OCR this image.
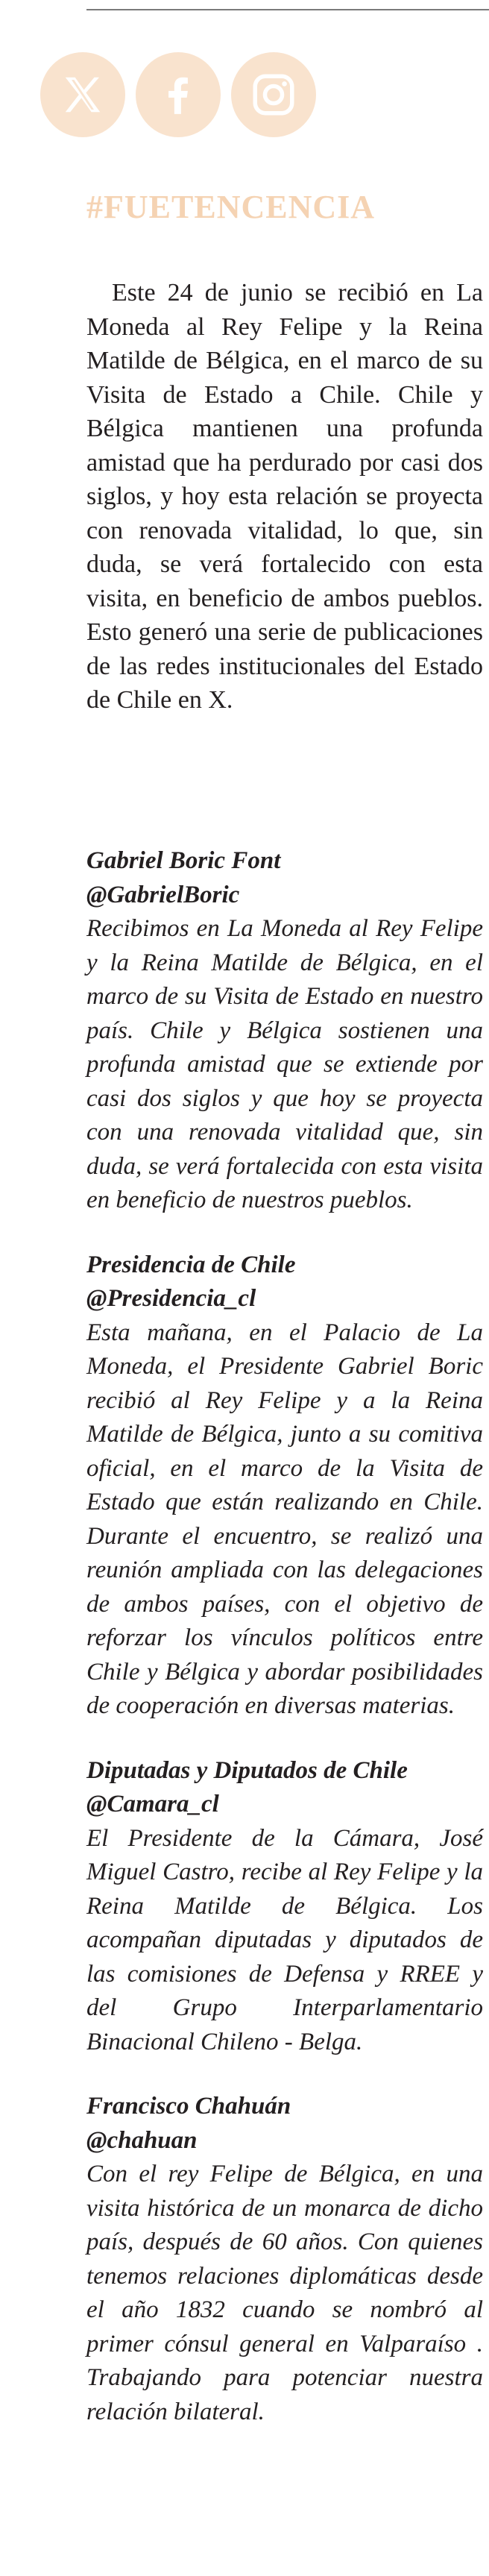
#FUETENCENCIA

Este 24 de junio se recibió en La Moneda al Rey Felipe y la Reina Matilde de Bélgica, en el marco de su Visita de Estado a Chile. Chile y Bélgica mantienen una profunda amistad que ha perdurado por casi dos siglos, y hoy esta relación se proyecta con renovada vitalidad, lo que, sin duda, se verá fortalecido con esta visita, en beneficio de ambos pueblos. Esto generó una serie de publicaciones de las redes institucionales del Estado de Chile en X.

Gabriel Boric Font
@GabrielBoric
Recibimos en La Moneda al Rey Felipe y la Reina Matilde de Bélgica, en el marco de su Visita de Estado en nuestro país. Chile y Bélgica sostienen una profunda amistad que se extiende por casi dos siglos y que hoy se proyecta con una renovada vitalidad que, sin duda, se verá fortalecida con esta visita en beneficio de nuestros pueblos.
Presidencia de Chile
@Presidencia_cl
Esta mañana, en el Palacio de La Moneda, el Presidente Gabriel Boric recibió al Rey Felipe y a la Reina Matilde de Bélgica, junto a su comitiva oficial, en el marco de la Visita de Estado que están realizando en Chile. Durante el encuentro, se realizó una reunión ampliada con las delegaciones de ambos países, con el objetivo de reforzar los vínculos políticos entre Chile y Bélgica y abordar posibilidades de cooperación en diversas materias.
Diputadas y Diputados de Chile
@Camara_cl
El Presidente de la Cámara, José Miguel Castro, recibe al Rey Felipe y la Reina Matilde de Bélgica. Los acompañan diputadas y diputados de las comisiones de Defensa y RREE y del Grupo Interparlamentario Binacional Chileno - Belga.
Francisco Chahuán
@chahuan
Con el rey Felipe de Bélgica, en una visita histórica de un monarca de dicho país, después de 60 años. Con quienes tenemos relaciones diplomáticas desde el año 1832 cuando se nombró al primer cónsul general en Valparaíso . Trabajando para potenciar nuestra relación bilateral.
